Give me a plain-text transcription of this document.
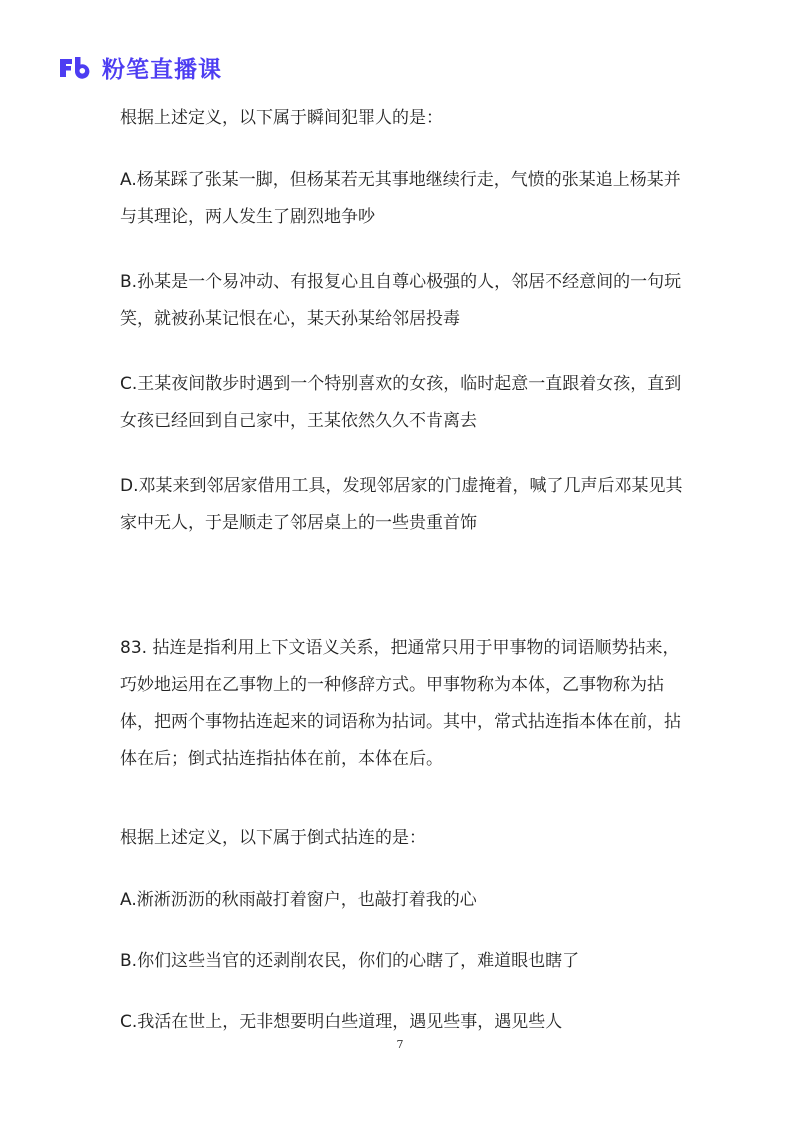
粉笔直播课

根据上述定义，以下属于瞬间犯罪人的是：

A.杨某踩了张某一脚，但杨某若无其事地继续行走，气愤的张某追上杨某并与其理论，两人发生了剧烈地争吵

B.孙某是一个易冲动、有报复心且自尊心极强的人，邻居不经意间的一句玩笑，就被孙某记恨在心，某天孙某给邻居投毒

C.王某夜间散步时遇到一个特别喜欢的女孩，临时起意一直跟着女孩，直到女孩已经回到自己家中，王某依然久久不肯离去

D.邓某来到邻居家借用工具，发现邻居家的门虚掩着，喊了几声后邓某见其家中无人，于是顺走了邻居桌上的一些贵重首饰

83. 拈连是指利用上下文语义关系，把通常只用于甲事物的词语顺势拈来，巧妙地运用在乙事物上的一种修辞方式。甲事物称为本体，乙事物称为拈体，把两个事物拈连起来的词语称为拈词。其中，常式拈连指本体在前，拈体在后；倒式拈连指拈体在前，本体在后。

根据上述定义，以下属于倒式拈连的是：

A.淅淅沥沥的秋雨敲打着窗户，也敲打着我的心

B.你们这些当官的还剥削农民，你们的心瞎了，难道眼也瞎了

C.我活在世上，无非想要明白些道理，遇见些事，遇见些人

7
